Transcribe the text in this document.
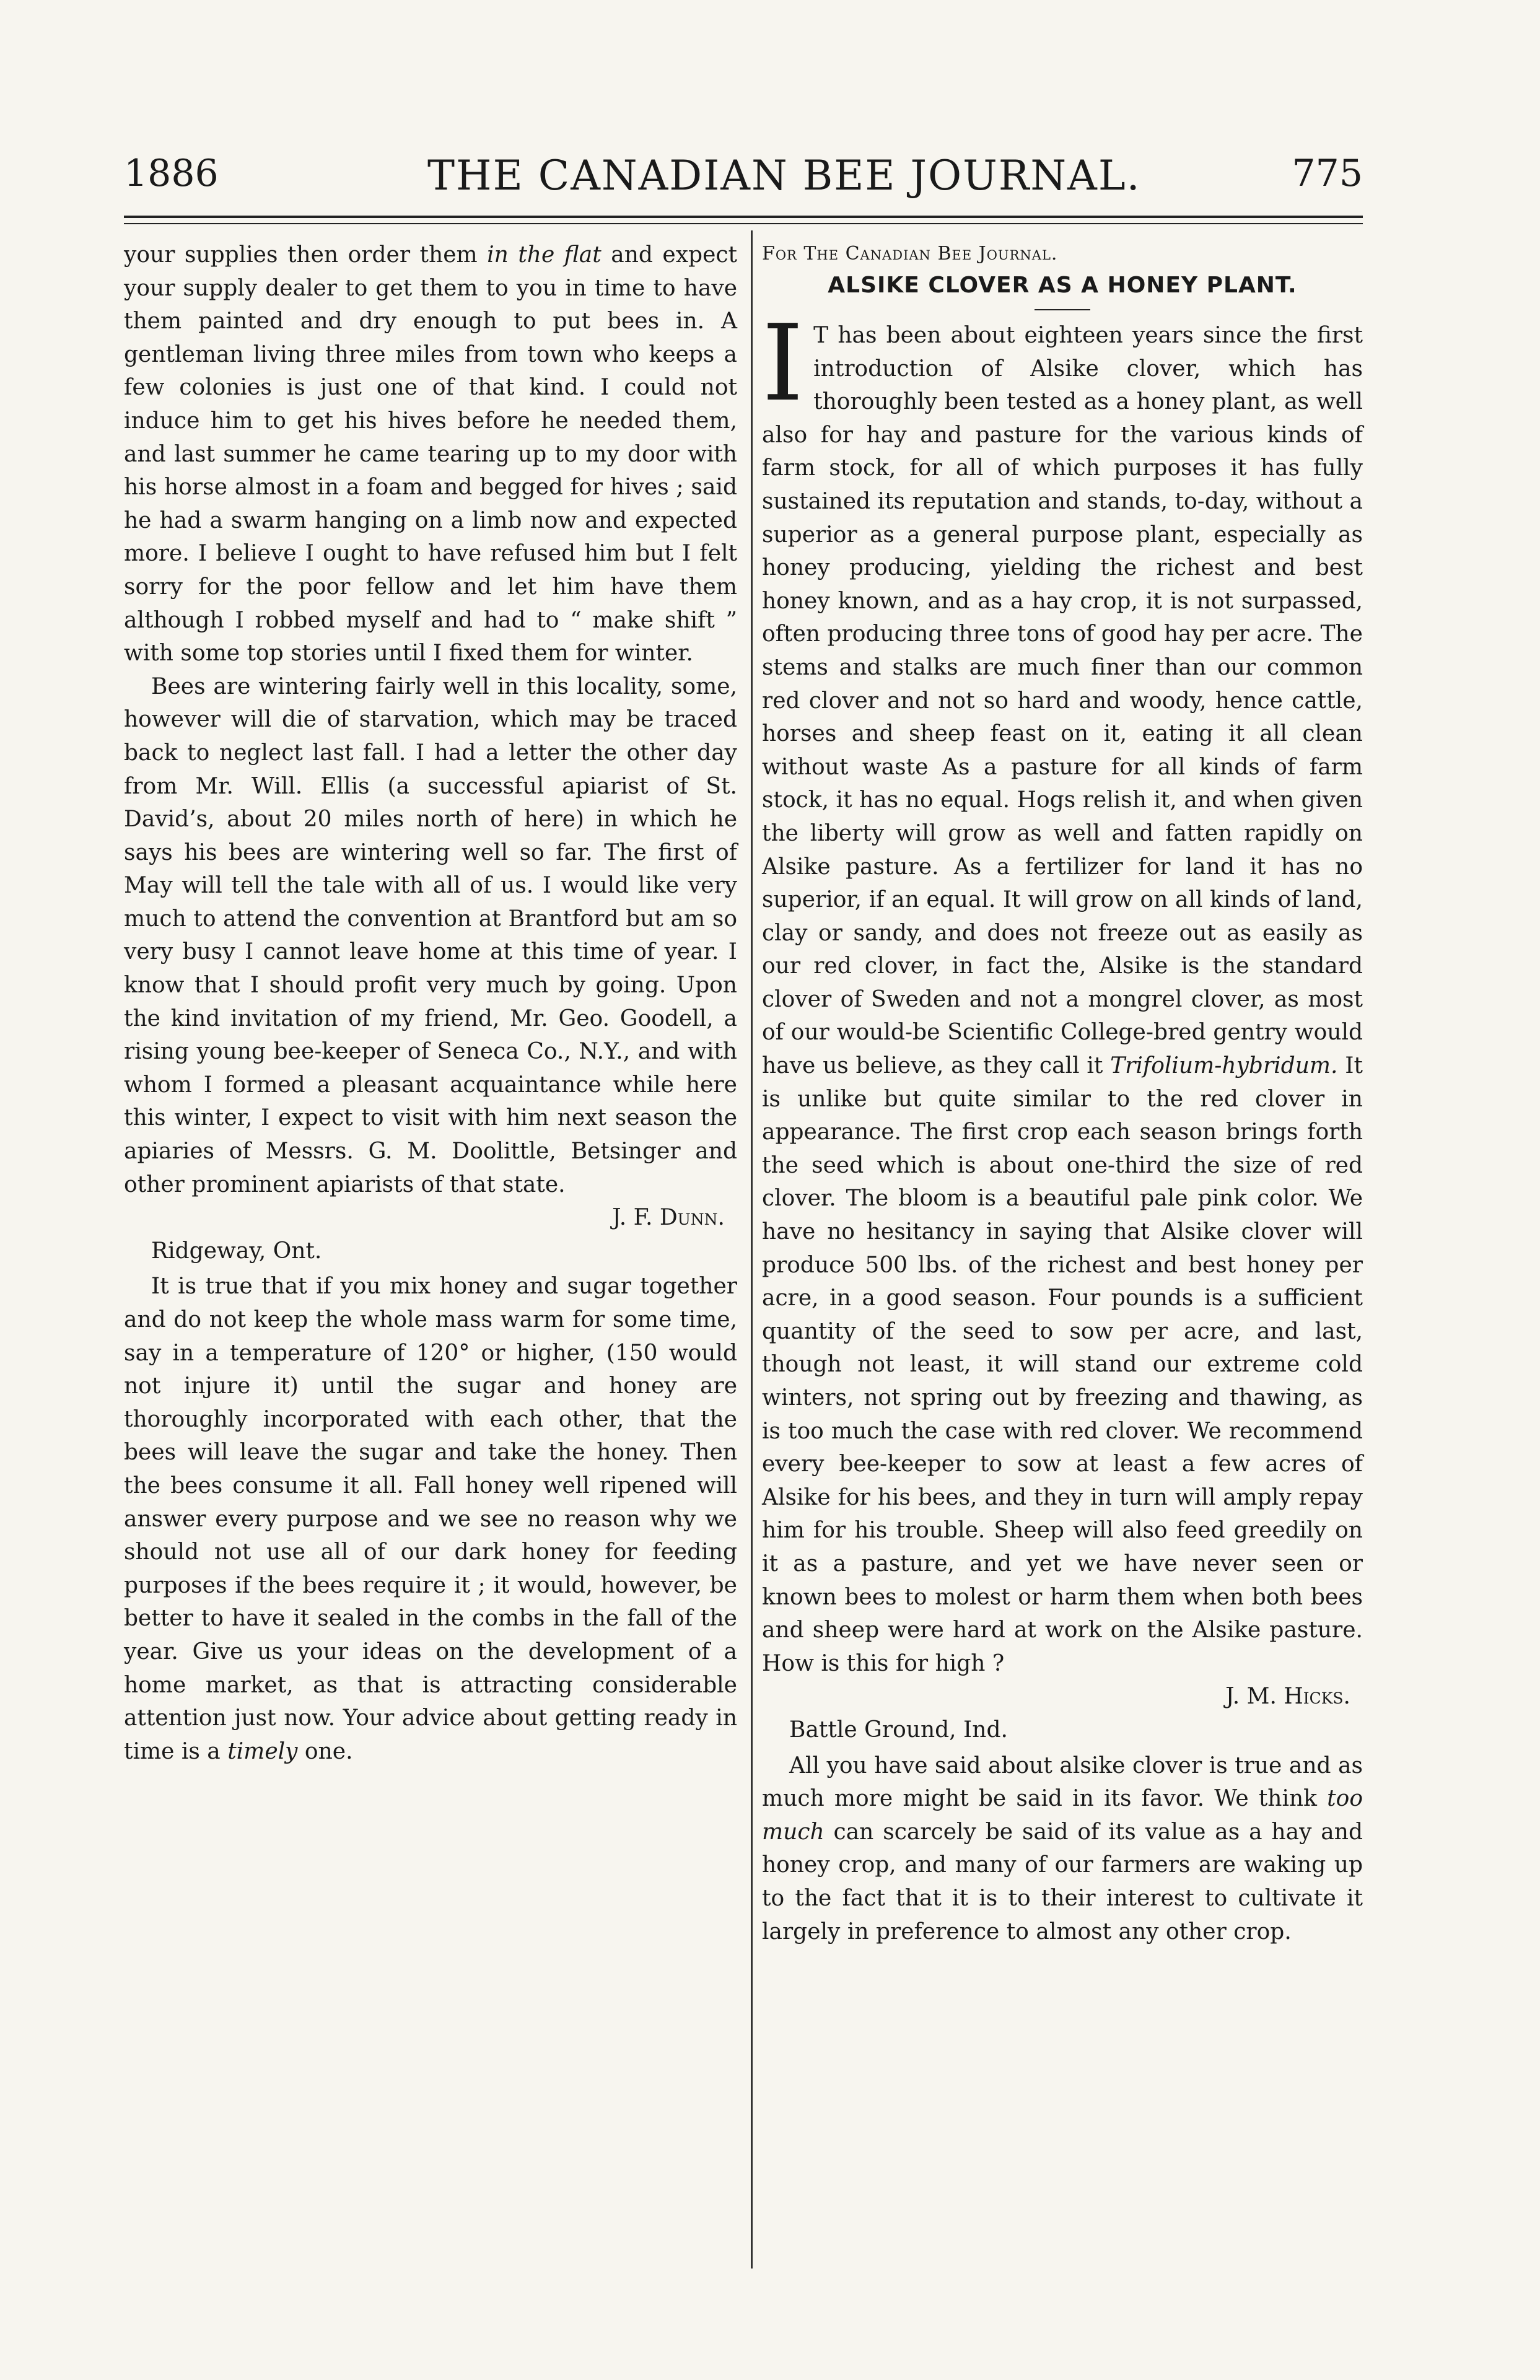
1886	THE CANADIAN BEE JOURNAL.	775

your supplies then order them in the flat and expect your supply dealer to get them to you in time to have them painted and dry enough to put bees in. A gentleman living three miles from town who keeps a few colonies is just one of that kind. I could not induce him to get his hives before he needed them, and last summer he came tearing up to my door with his horse almost in a foam and begged for hives ; said he had a swarm hanging on a limb now and expected more. I believe I ought to have refused him but I felt sorry for the poor fellow and let him have them although I robbed myself and had to “ make shift ” with some top stories until I fixed them for winter.

Bees are wintering fairly well in this locality, some, however will die of starvation, which may be traced back to neglect last fall. I had a letter the other day from Mr. Will. Ellis (a successful apiarist of St. David’s, about 20 miles north of here) in which he says his bees are wintering well so far. The first of May will tell the tale with all of us. I would like very much to attend the convention at Brantford but am so very busy I cannot leave home at this time of year. I know that I should profit very much by going. Upon the kind invitation of my friend, Mr. Geo. Goodell, a rising young bee-keeper of Seneca Co., N.Y., and with whom I formed a pleasant acquaintance while here this winter, I expect to visit with him next season the apiaries of Messrs. G. M. Doolittle, Betsinger and other prominent apiarists of that state.

J. F. Dunn.

Ridgeway, Ont.

It is true that if you mix honey and sugar together and do not keep the whole mass warm for some time, say in a temperature of 120° or higher, (150 would not injure it) until the sugar and honey are thoroughly incorporated with each other, that the bees will leave the sugar and take the honey. Then the bees consume it all. Fall honey well ripened will answer every purpose and we see no reason why we should not use all of our dark honey for feeding purposes if the bees require it ; it would, however, be better to have it sealed in the combs in the fall of the year. Give us your ideas on the development of a home market, as that is attracting considerable attention just now. Your advice about getting ready in time is a timely one.

For The Canadian Bee Journal.
ALSIKE CLOVER AS A HONEY PLANT.

I T has been about eighteen years since the first introduction of Alsike clover, which has thoroughly been tested as a honey plant, as well also for hay and pasture for the various kinds of farm stock, for all of which purposes it has fully sustained its reputation and stands, to-day, without a superior as a general purpose plant, especially as honey producing, yielding the richest and best honey known, and as a hay crop, it is not surpassed, often producing three tons of good hay per acre. The stems and stalks are much finer than our common red clover and not so hard and woody, hence cattle, horses and sheep feast on it, eating it all clean without waste As a pasture for all kinds of farm stock, it has no equal. Hogs relish it, and when given the liberty will grow as well and fatten rapidly on Alsike pasture. As a fertilizer for land it has no superior, if an equal. It will grow on all kinds of land, clay or sandy, and does not freeze out as easily as our red clover, in fact the, Alsike is the standard clover of Sweden and not a mongrel clover, as most of our would-be Scientific College-bred gentry would have us believe, as they call it Trifolium-hybridum. It is unlike but quite similar to the red clover in appearance. The first crop each season brings forth the seed which is about one-third the size of red clover. The bloom is a beautiful pale pink color. We have no hesitancy in saying that Alsike clover will produce 500 lbs. of the richest and best honey per acre, in a good season. Four pounds is a sufficient quantity of the seed to sow per acre, and last, though not least, it will stand our extreme cold winters, not spring out by freezing and thawing, as is too much the case with red clover. We recommend every bee-keeper to sow at least a few acres of Alsike for his bees, and they in turn will amply repay him for his trouble. Sheep will also feed greedily on it as a pasture, and yet we have never seen or known bees to molest or harm them when both bees and sheep were hard at work on the Alsike pasture. How is this for high ?

J. M. Hicks.

Battle Ground, Ind.

All you have said about alsike clover is true and as much more might be said in its favor. We think too much can scarcely be said of its value as a hay and honey crop, and many of our farmers are waking up to the fact that it is to their interest to cultivate it largely in preference to almost any other crop.
